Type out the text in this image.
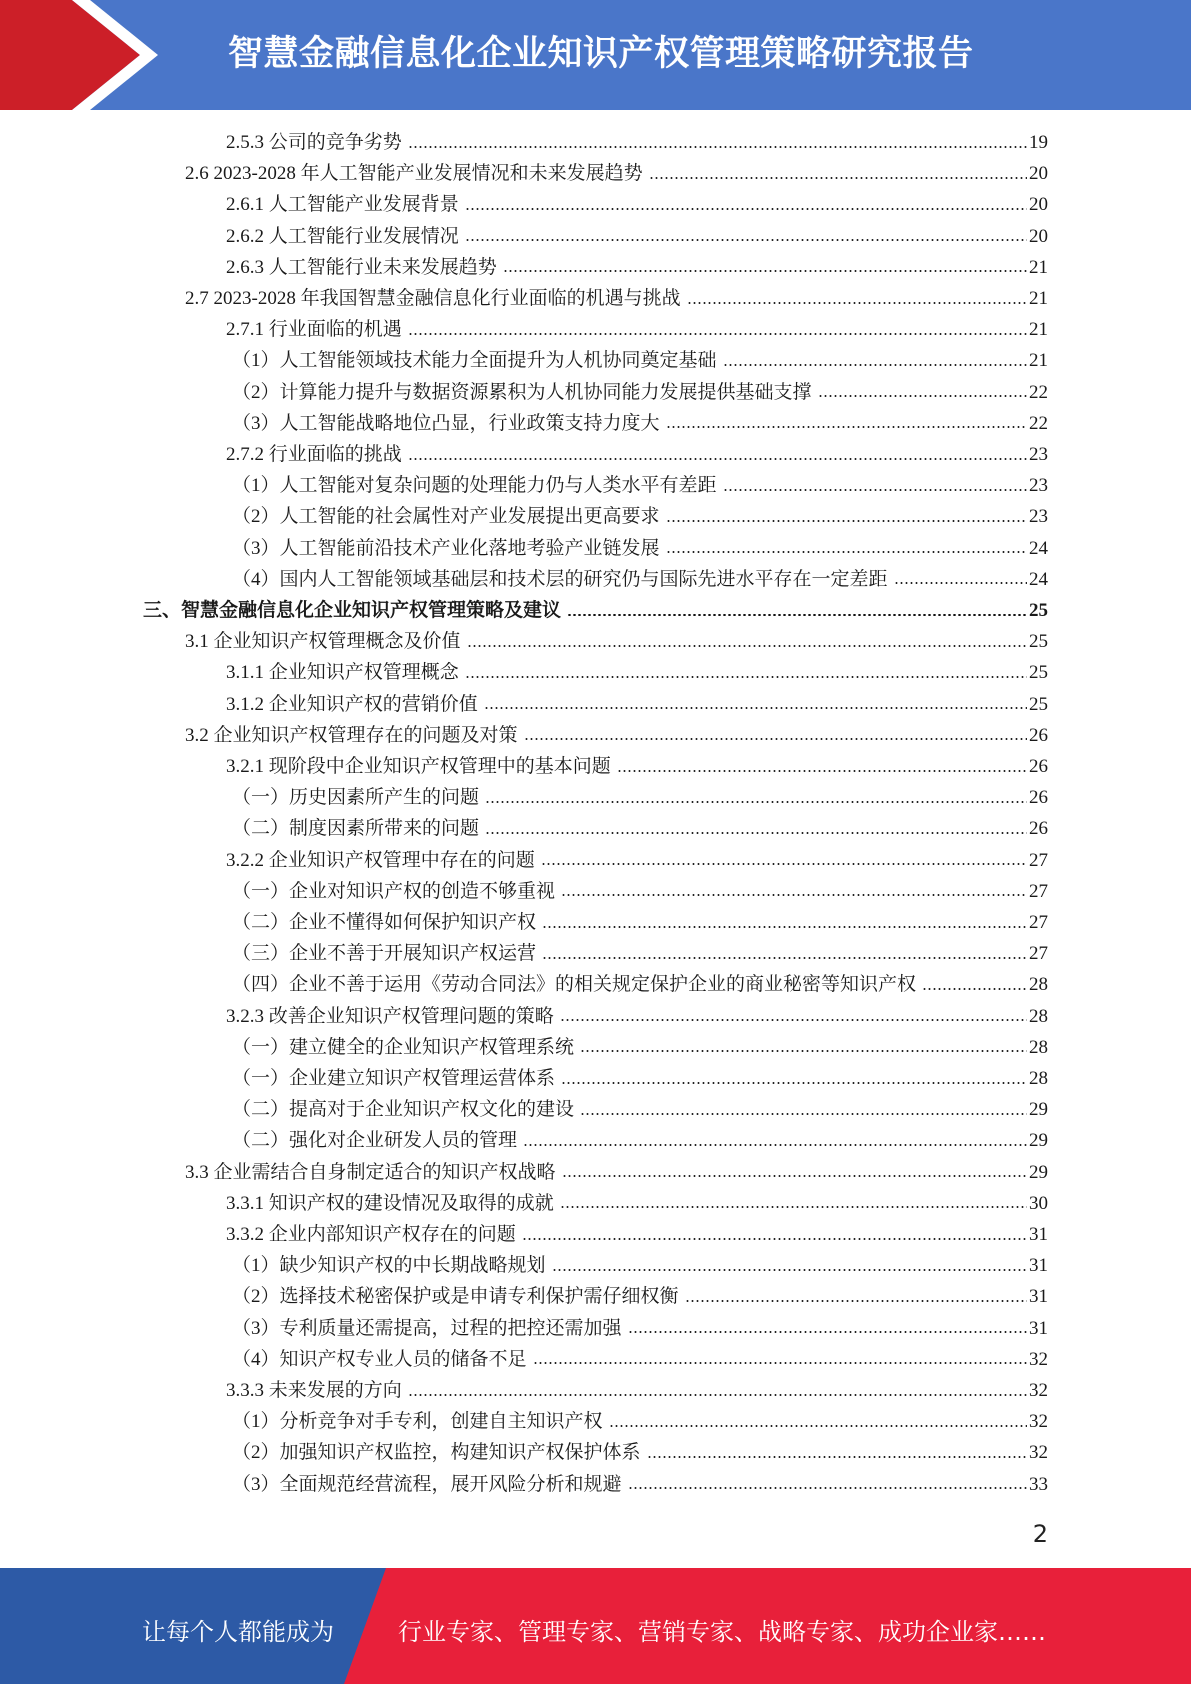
智慧金融信息化企业知识产权管理策略研究报告
2.5.3 公司的竞争劣势	19
2.6 2023-2028 年人工智能产业发展情况和未来发展趋势	20
2.6.1 人工智能产业发展背景	20
2.6.2 人工智能行业发展情况	20
2.6.3 人工智能行业未来发展趋势	21
2.7 2023-2028 年我国智慧金融信息化行业面临的机遇与挑战	21
2.7.1 行业面临的机遇	21
（1）人工智能领域技术能力全面提升为人机协同奠定基础	21
（2）计算能力提升与数据资源累积为人机协同能力发展提供基础支撑	22
（3）人工智能战略地位凸显，行业政策支持力度大	22
2.7.2 行业面临的挑战	23
（1）人工智能对复杂问题的处理能力仍与人类水平有差距	23
（2）人工智能的社会属性对产业发展提出更高要求	23
（3）人工智能前沿技术产业化落地考验产业链发展	24
（4）国内人工智能领域基础层和技术层的研究仍与国际先进水平存在一定差距	24
三、智慧金融信息化企业知识产权管理策略及建议	25
3.1 企业知识产权管理概念及价值	25
3.1.1 企业知识产权管理概念	25
3.1.2 企业知识产权的营销价值	25
3.2 企业知识产权管理存在的问题及对策	26
3.2.1 现阶段中企业知识产权管理中的基本问题	26
（一）历史因素所产生的问题	26
（二）制度因素所带来的问题	26
3.2.2 企业知识产权管理中存在的问题	27
（一）企业对知识产权的创造不够重视	27
（二）企业不懂得如何保护知识产权	27
（三）企业不善于开展知识产权运营	27
（四）企业不善于运用《劳动合同法》的相关规定保护企业的商业秘密等知识产权	28
3.2.3 改善企业知识产权管理问题的策略	28
（一）建立健全的企业知识产权管理系统	28
（一）企业建立知识产权管理运营体系	28
（二）提高对于企业知识产权文化的建设	29
（二）强化对企业研发人员的管理	29
3.3 企业需结合自身制定适合的知识产权战略	29
3.3.1 知识产权的建设情况及取得的成就	30
3.3.2 企业内部知识产权存在的问题	31
（1）缺少知识产权的中长期战略规划	31
（2）选择技术秘密保护或是申请专利保护需仔细权衡	31
（3）专利质量还需提高，过程的把控还需加强	31
（4）知识产权专业人员的储备不足	32
3.3.3 未来发展的方向	32
（1）分析竞争对手专利，创建自主知识产权	32
（2）加强知识产权监控，构建知识产权保护体系	32
（3）全面规范经营流程，展开风险分析和规避	33
2
让每个人都能成为	行业专家、管理专家、营销专家、战略专家、成功企业家……
